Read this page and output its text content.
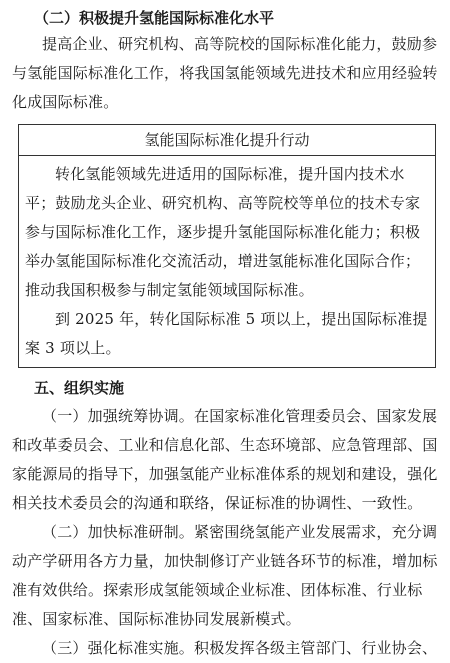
（二）积极提升氢能国际标准化水平

提高企业、研究机构、高等院校的国际标准化能力，鼓励参与氢能国际标准化工作，将我国氢能领域先进技术和应用经验转化成国际标准。

氢能国际标准化提升行动

转化氢能领域先进适用的国际标准，提升国内技术水平；鼓励龙头企业、研究机构、高等院校等单位的技术专家参与国际标准化工作，逐步提升氢能国际标准化能力；积极举办氢能国际标准化交流活动，增进氢能标准化国际合作；推动我国积极参与制定氢能领域国际标准。

到 2025 年，转化国际标准 5 项以上，提出国际标准提案 3 项以上。

五、组织实施

（一）加强统筹协调。在国家标准化管理委员会、国家发展和改革委员会、工业和信息化部、生态环境部、应急管理部、国家能源局的指导下，加强氢能产业标准体系的规划和建设，强化相关技术委员会的沟通和联络，保证标准的协调性、一致性。

（二）加快标准研制。紧密围绕氢能产业发展需求，充分调动产学研用各方力量，加快制修订产业链各环节的标准，增加标准有效供给。探索形成氢能领域企业标准、团体标准、行业标准、国家标准、国际标准协同发展新模式。

（三）强化标准实施。积极发挥各级主管部门、行业协会、
